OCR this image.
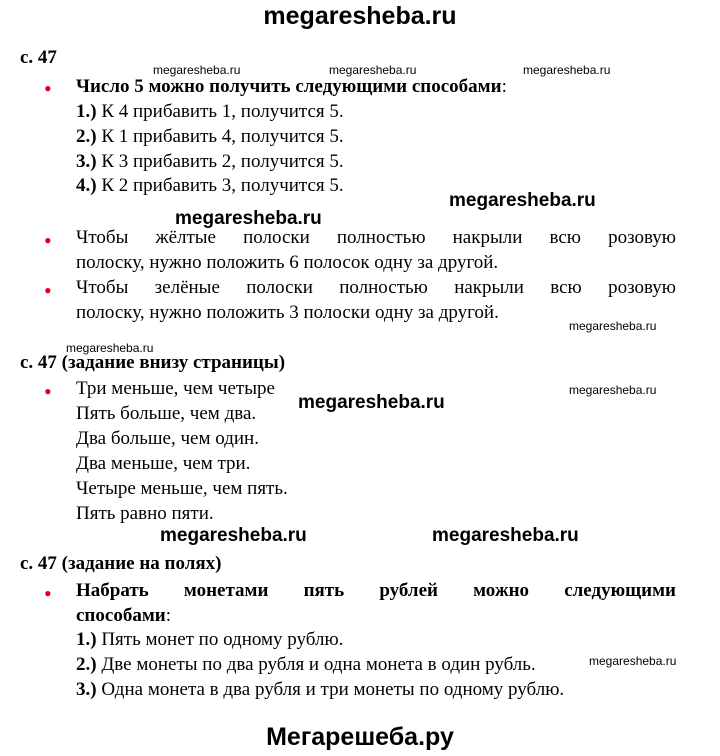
megaresheba.ru
с. 47
• Число 5 можно получить следующими способами:
1.) К 4 прибавить 1, получится 5.
2.) К 1 прибавить 4, получится 5.
3.) К 3 прибавить 2, получится 5.
4.) К 2 прибавить 3, получится 5.
• Чтобы жёлтые полоски полностью накрыли всю розовую
полоску, нужно положить 6 полосок одну за другой.
• Чтобы зелёные полоски полностью накрыли всю розовую
полоску, нужно положить 3 полоски одну за другой.
с. 47 (задание внизу страницы)
• Три меньше, чем четыре
Пять больше, чем два.
Два больше, чем один.
Два меньше, чем три.
Четыре меньше, чем пять.
Пять равно пяти.
с. 47 (задание на полях)
• Набрать монетами пять рублей можно следующими
способами:
1.) Пять монет по одному рублю.
2.) Две монеты по два рубля и одна монета в один рубль.
3.) Одна монета в два рубля и три монеты по одному рублю.
megaresheba.ru	megaresheba.ru	megaresheba.ru
megaresheba.ru
megaresheba.ru
megaresheba.ru
megaresheba.ru
megaresheba.ru
megaresheba.ru
megaresheba.ru	megaresheba.ru
megaresheba.ru
Мегарешеба.ру
